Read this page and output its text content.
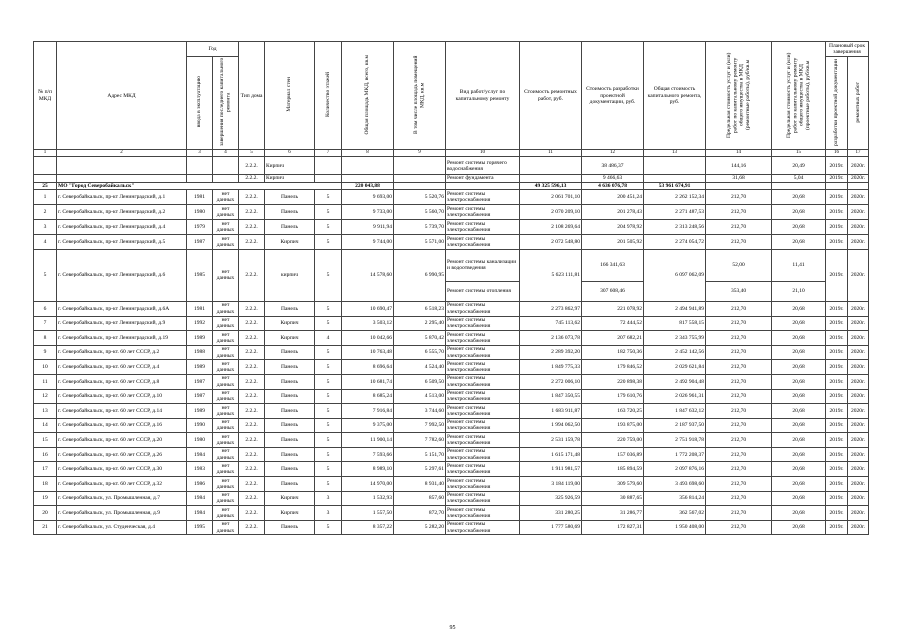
№ п/п МКД	Адрес МКД	Год		Тип дома	Материал стен	Количество этажей	Общая площадь МКД, всего, кв.м	В том числе площадь помещений МКД, кв.м	Вид работ/услуг по капитальному ремонту	Стоимость ремонтных работ, руб.	Стоимость разработки проектной документации, руб.	Общая стоимость капитального ремонта, руб.	Предельная стоимость услуг и (или) работ по капитальному ремонту общего имущества в МКД (ремонтные работы), руб/кв.м	Предельная стоимость услуг и (или) работ по капитальному ремонту общего имущества в МКД (проектные работы), руб/кв.м	Плановый срок завершения	
		ввода в эксплуатацию	завершения последнего капитального ремонта												разработки проектной документации	ремонтных работ
1	2	3	4	5	6	7	8	9	10	11	12	13	14	15	16	17
				2.2.2.	Кирпич				Ремонт системы горячего водоснабжения		38 486,37		144,16	20,49	2019г.	2020г.
				2.2.2.	Кирпич				Ремонт фундамента		9 466,63		31,68	5,04	2019г.	2020г.
25	МО "Город Северобайкальск"						220 043,88			49 325 596,13	4 636 076,78	53 961 674,91				
1	г. Северобайкальск, пр-кт Ленинградский, д.1	1981	нет данных	2.2.2.	Панель	5	9 693,00	5 520,76	Ремонт системы электроснабжения	2 061 701,10	200 451,24	2 262 152,34	212,70	20,68	2019г.	2020г.
2	г. Северобайкальск, пр-кт Ленинградский, д.2	1980	нет данных	2.2.2.	Панель	5	9 733,00	5 560,70	Ремонт системы электроснабжения	2 070 209,10	201 278,43	2 271 487,53	212,70	20,68	2019г.	2020г.
3	г. Северобайкальск, пр-кт Ленинградский, д.4	1979	нет данных	2.2.2.	Панель	5	9 911,94	5 739,70	Ремонт системы электроснабжения	2 108 269,64	204 978,92	2 313 248,56	212,70	20,68	2019г.	2020г.
4	г. Северобайкальск, пр-кт Ленинградский, д.5	1987	нет данных	2.2.2.	Кирпич	5	9 744,00	5 571,00	Ремонт системы электроснабжения	2 072 548,80	201 505,92	2 274 054,72	212,70	20,68	2019г.	2020г.
5	г. Северобайкальск, пр-кт Ленинградский, д.6	1985	нет данных	2.2.2.	кирпич	5	14 578,60	6 990,95	Ремонт системы канализации и водоотведения	5 623 111,81	166 341,63	6 097 062,09	52,00	11,41	2019г.	2020г.
									Ремонт системы отопления		307 608,46		353,40	21,10		
6	г. Северобайкальск, пр-кт Ленинградский, д.6А	1981	нет данных	2.2.2.	Панель	5	10 690,47	6 518,23	Ремонт системы электроснабжения	2 273 862,97	221 078,92	2 494 941,89	212,70	20,68	2019г.	2020г.
7	г. Северобайкальск, пр-кт Ленинградский, д.9	1992	нет данных	2.2.2.	Кирпич	5	3 503,12	2 295,40	Ремонт системы электроснабжения	745 113,62	72 444,52	817 558,15	212,70	20,68	2019г.	2020г.
8	г. Северобайкальск, пр-кт Ленинградский, д.19	1989	нет данных	2.2.2.	Кирпич	4	10 042,66	5 870,42	Ремонт системы электроснабжения	2 136 073,78	207 682,21	2 343 755,99	212,70	20,68	2019г.	2020г.
9	г. Северобайкальск, пр-кт. 60 лет СССР, д.2	1988	нет данных	2.2.2.	Панель	5	10 763,48	6 555,70	Ремонт системы электроснабжения	2 289 392,20	182 750,36	2 452 142,56	212,70	20,68	2019г.	2020г.
10	г. Северобайкальск, пр-кт. 60 лет СССР, д.4	1989	нет данных	2.2.2.	Панель	5	8 696,64	4 524,40	Ремонт системы электроснабжения	1 849 775,33	179 846,52	2 029 621,84	212,70	20,68	2019г.	2020г.
11	г. Северобайкальск, пр-кт. 60 лет СССР, д.8	1987	нет данных	2.2.2.	Панель	5	10 681,74	6 509,50	Ремонт системы электроснабжения	2 272 006,10	220 898,38	2 492 904,48	212,70	20,68	2019г.	2020г.
12	г. Северобайкальск, пр-кт. 60 лет СССР, д.10	1987	нет данных	2.2.2.	Панель	5	8 685,24	4 513,00	Ремонт системы электроснабжения	1 847 350,55	179 610,76	2 026 961,31	212,70	20,68	2019г.	2020г.
13	г. Северобайкальск, пр-кт. 60 лет СССР, д.14	1989	нет данных	2.2.2.	Панель	5	7 916,84	3 744,60	Ремонт системы электроснабжения	1 683 911,87	163 720,25	1 847 632,12	212,70	20,68	2019г.	2020г.
14	г. Северобайкальск, пр-кт. 60 лет СССР, д.16	1990	нет данных	2.2.2.	Панель	5	9 375,00	7 992,50	Ремонт системы электроснабжения	1 994 062,50	193 875,00	2 187 937,50	212,70	20,68	2019г.	2020г.
15	г. Северобайкальск, пр-кт. 60 лет СССР, д.20	1980	нет данных	2.2.2.	Панель	5	11 900,14	7 782,60	Ремонт системы электроснабжения	2 531 159,78	220 759,00	2 751 918,78	212,70	20,68	2019г.	2020г.
16	г. Северобайкальск, пр-кт. 60 лет СССР, д.26	1984	нет данных	2.2.2.	Панель	5	7 593,66	5 151,70	Ремонт системы электроснабжения	1 615 171,48	157 036,89	1 772 208,37	212,70	20,68	2019г.	2020г.
17	г. Северобайкальск, пр-кт. 60 лет СССР, д.30	1983	нет данных	2.2.2.	Панель	5	8 989,10	5 297,61	Ремонт системы электроснабжения	1 911 981,57	185 894,59	2 097 876,16	212,70	20,68	2019г.	2020г.
18	г. Северобайкальск, пр-кт. 60 лет СССР, д.32	1986	нет данных	2.2.2.	Панель	5	14 970,00	8 931,40	Ремонт системы электроснабжения	3 184 119,00	309 579,60	3 493 698,60	212,70	20,68	2019г.	2020г.
19	г. Северобайкальск, ул. Промышленная, д.7	1984	нет данных	2.2.2.	Кирпич	3	1 532,93	857,60	Ремонт системы электроснабжения	325 926,59	30 887,65	356 814,24	212,70	20,68	2019г.	2020г.
20	г. Северобайкальск, ул. Промышленная, д.9	1984	нет данных	2.2.2.	Кирпич	3	1 557,50	872,70	Ремонт системы электроснабжения	331 280,25	31 286,77	362 567,02	212,70	20,68	2019г.	2020г.
21	г. Северобайкальск, ул. Студенческая, д.4	1995	нет данных	2.2.2.	Панель	5	8 357,22	5 282,20	Ремонт системы электроснабжения	1 777 580,69	172 827,31	1 950 408,00	212,70	20,68	2019г.	2020г.
95
